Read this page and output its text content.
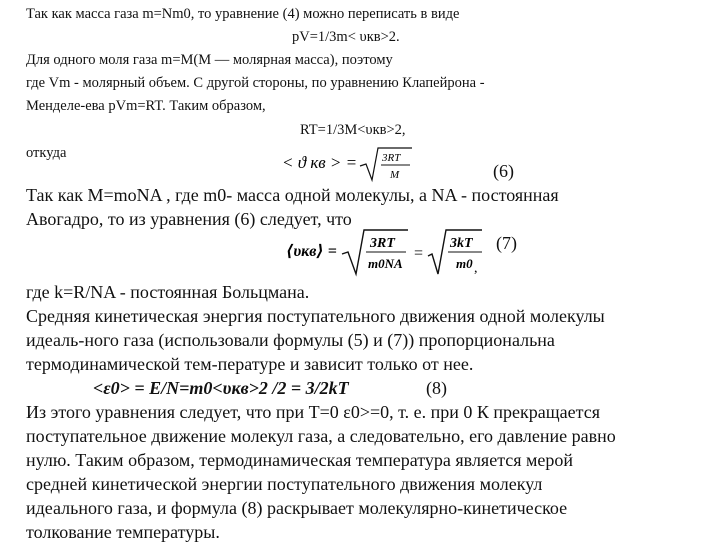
Так как масса газа m=Nm0, то уравнение (4) можно переписать в виде
pV=1/3m< υкв>2.
Для одного моля газа m=M(M — молярная масса), поэтому
где Vm - молярный объем. С другой стороны, по уравнению Клапейрона -
Менделе-ева pVm=RT. Таким образом,
RT=1/3M<υкв>2,
откуда	< ϑ кв > = 3RT
M	(6)
Так как M=moNA , где m0- масса одной молекулы, а NA - постоянная
Авогадро, то из уравнения (6) следует, что
⟨υкв⟩ = 3RT
m0NA
=
3kT
m0 ,
(7)
где k=R/NA - постоянная Больцмана.
Средняя кинетическая энергия поступательного движения одной молекулы
идеаль-ного газа (использовали формулы (5) и (7)) пропорциональна
термодинамической тем-пературе и зависит только от нее.
<ε0> = E/N=m0<υкв>2 /2 = 3/2kT	(8)
Из этого уравнения следует, что при T=0 ε0>=0, т. е. при 0 К прекращается
поступательное движение молекул газа, а следовательно, его давление равно
нулю. Таким образом, термодинамическая температура является мерой
средней кинетической энергии поступательного движения молекул
идеального газа, и формула (8) раскрывает молекулярно-кинетическое
толкование температуры.
